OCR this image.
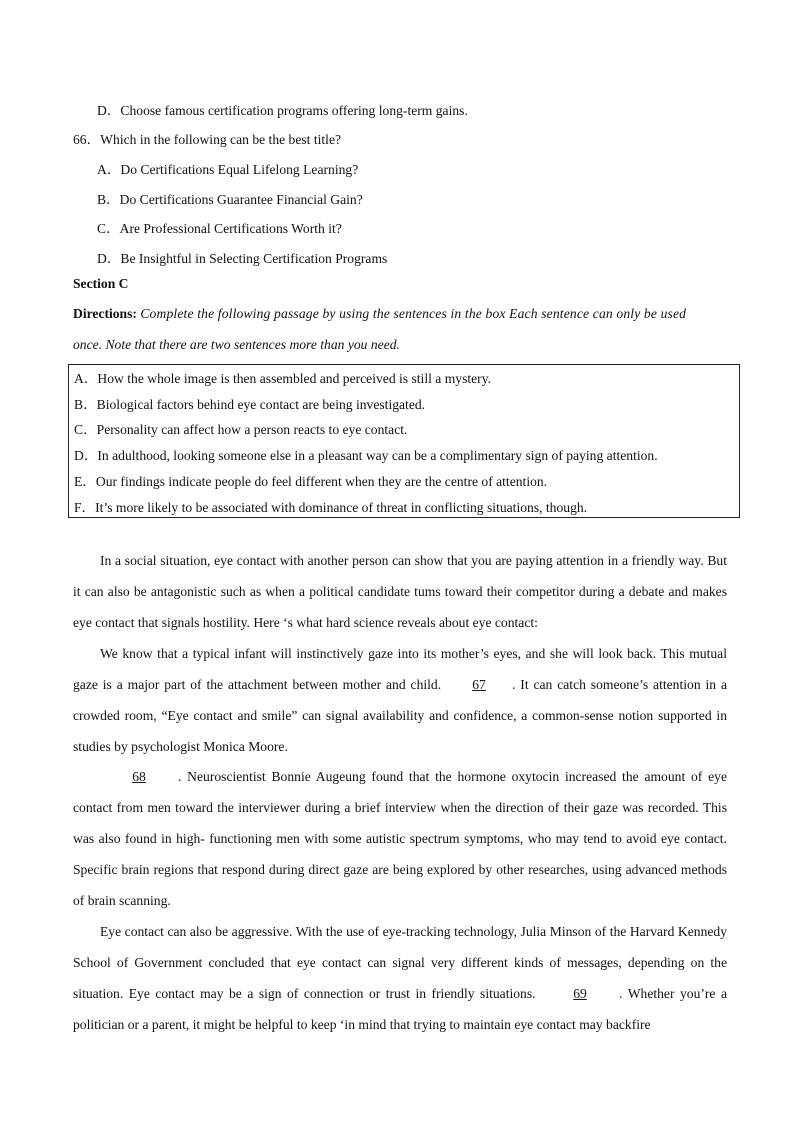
D．Choose famous certification programs offering long-term gains.
66．Which in the following can be the best title?
A．Do Certifications Equal Lifelong Learning?
B．Do Certifications Guarantee Financial Gain?
C．Are Professional Certifications Worth it?
D．Be Insightful in Selecting Certification Programs
Section C
Directions: Complete the following passage by using the sentences in the box Each sentence can only be used
once. Note that there are two sentences more than you need.
A．How the whole image is then assembled and perceived is still a mystery.
B．Biological factors behind eye contact are being investigated.
C．Personality can affect how a person reacts to eye contact.
D．In adulthood, looking someone else in a pleasant way can be a complimentary sign of paying attention.
E．Our findings indicate people do feel different when they are the centre of attention.
F．It’s more likely to be associated with dominance of threat in conflicting situations, though.
In a social situation, eye contact with another person can show that you are paying attention in a friendly way. But it can also be antagonistic such as when a political candidate tums toward their competitor during a debate and makes eye contact that signals hostility. Here ‘s what hard science reveals about eye contact:
We know that a typical infant will instinctively gaze into its mother’s eyes, and she will look back. This mutual gaze is a major part of the attachment between mother and child. 67 . It can catch someone’s attention in a crowded room, “Eye contact and smile” can signal availability and confidence, a common-sense notion supported in studies by psychologist Monica Moore.
68 . Neuroscientist Bonnie Augeung found that the hormone oxytocin increased the amount of eye contact from men toward the interviewer during a brief interview when the direction of their gaze was recorded. This was also found in high- functioning men with some autistic spectrum symptoms, who may tend to avoid eye contact. Specific brain regions that respond during direct gaze are being explored by other researches, using advanced methods of brain scanning.
Eye contact can also be aggressive. With the use of eye-tracking technology, Julia Minson of the Harvard Kennedy School of Government concluded that eye contact can signal very different kinds of messages, depending on the situation. Eye contact may be a sign of connection or trust in friendly situations.	69 . Whether you’re a politician or a parent, it might be helpful to keep ‘in mind that trying to maintain eye contact may backfire
